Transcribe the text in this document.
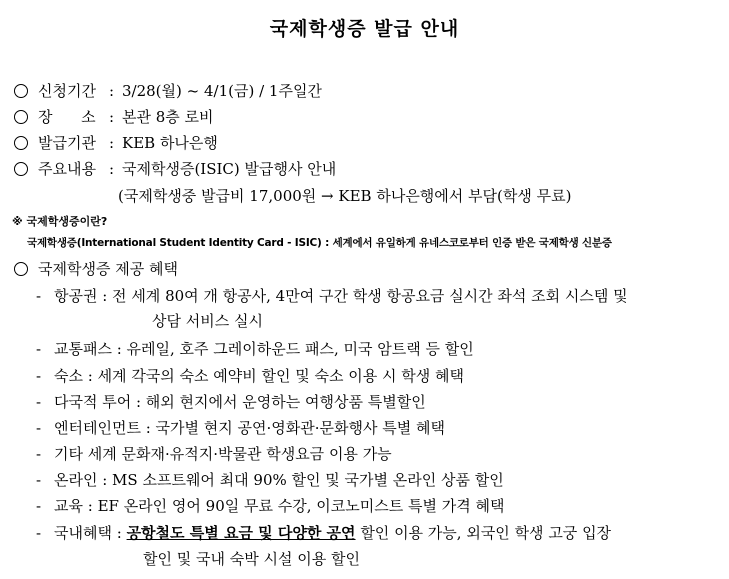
국제학생증 발급 안내
신청기간 : 3/28(월) ~ 4/1(금) / 1주일간
장      소 : 본관 8층 로비
발급기관 : KEB 하나은행
주요내용 : 국제학생증(ISIC) 발급행사 안내
(국제학생중 발급비 17,000원 → KEB 하나은행에서 부담(학생 무료)
※ 국제학생증이란?
국제학생증(International Student Identity Card - ISIC) : 세계에서 유일하게 유네스코로부터 인증 받은 국제학생 신분증
국제학생증 제공 혜택
- 항공권 : 전 세계 80여 개 항공사, 4만여 구간 학생 항공요금 실시간 좌석 조회 시스템 및
상담 서비스 실시
- 교통패스 : 유레일, 호주 그레이하운드 패스, 미국 암트랙 등 할인
- 숙소 : 세계 각국의 숙소 예약비 할인 및 숙소 이용 시 학생 혜택
- 다국적 투어 : 해외 현지에서 운영하는 여행상품 특별할인
- 엔터테인먼트 : 국가별 현지 공연·영화관·문화행사 특별 혜택
- 기타 세계 문화재·유적지·박물관 학생요금 이용 가능
- 온라인 : MS 소프트웨어 최대 90% 할인 및 국가별 온라인 상품 할인
- 교육 : EF 온라인 영어 90일 무료 수강, 이코노미스트 특별 가격 혜택
- 국내혜택 : 공항철도 특별 요금 및 다양한 공연 할인 이용 가능, 외국인 학생 고궁 입장
할인 및 국내 숙박 시설 이용 할인
